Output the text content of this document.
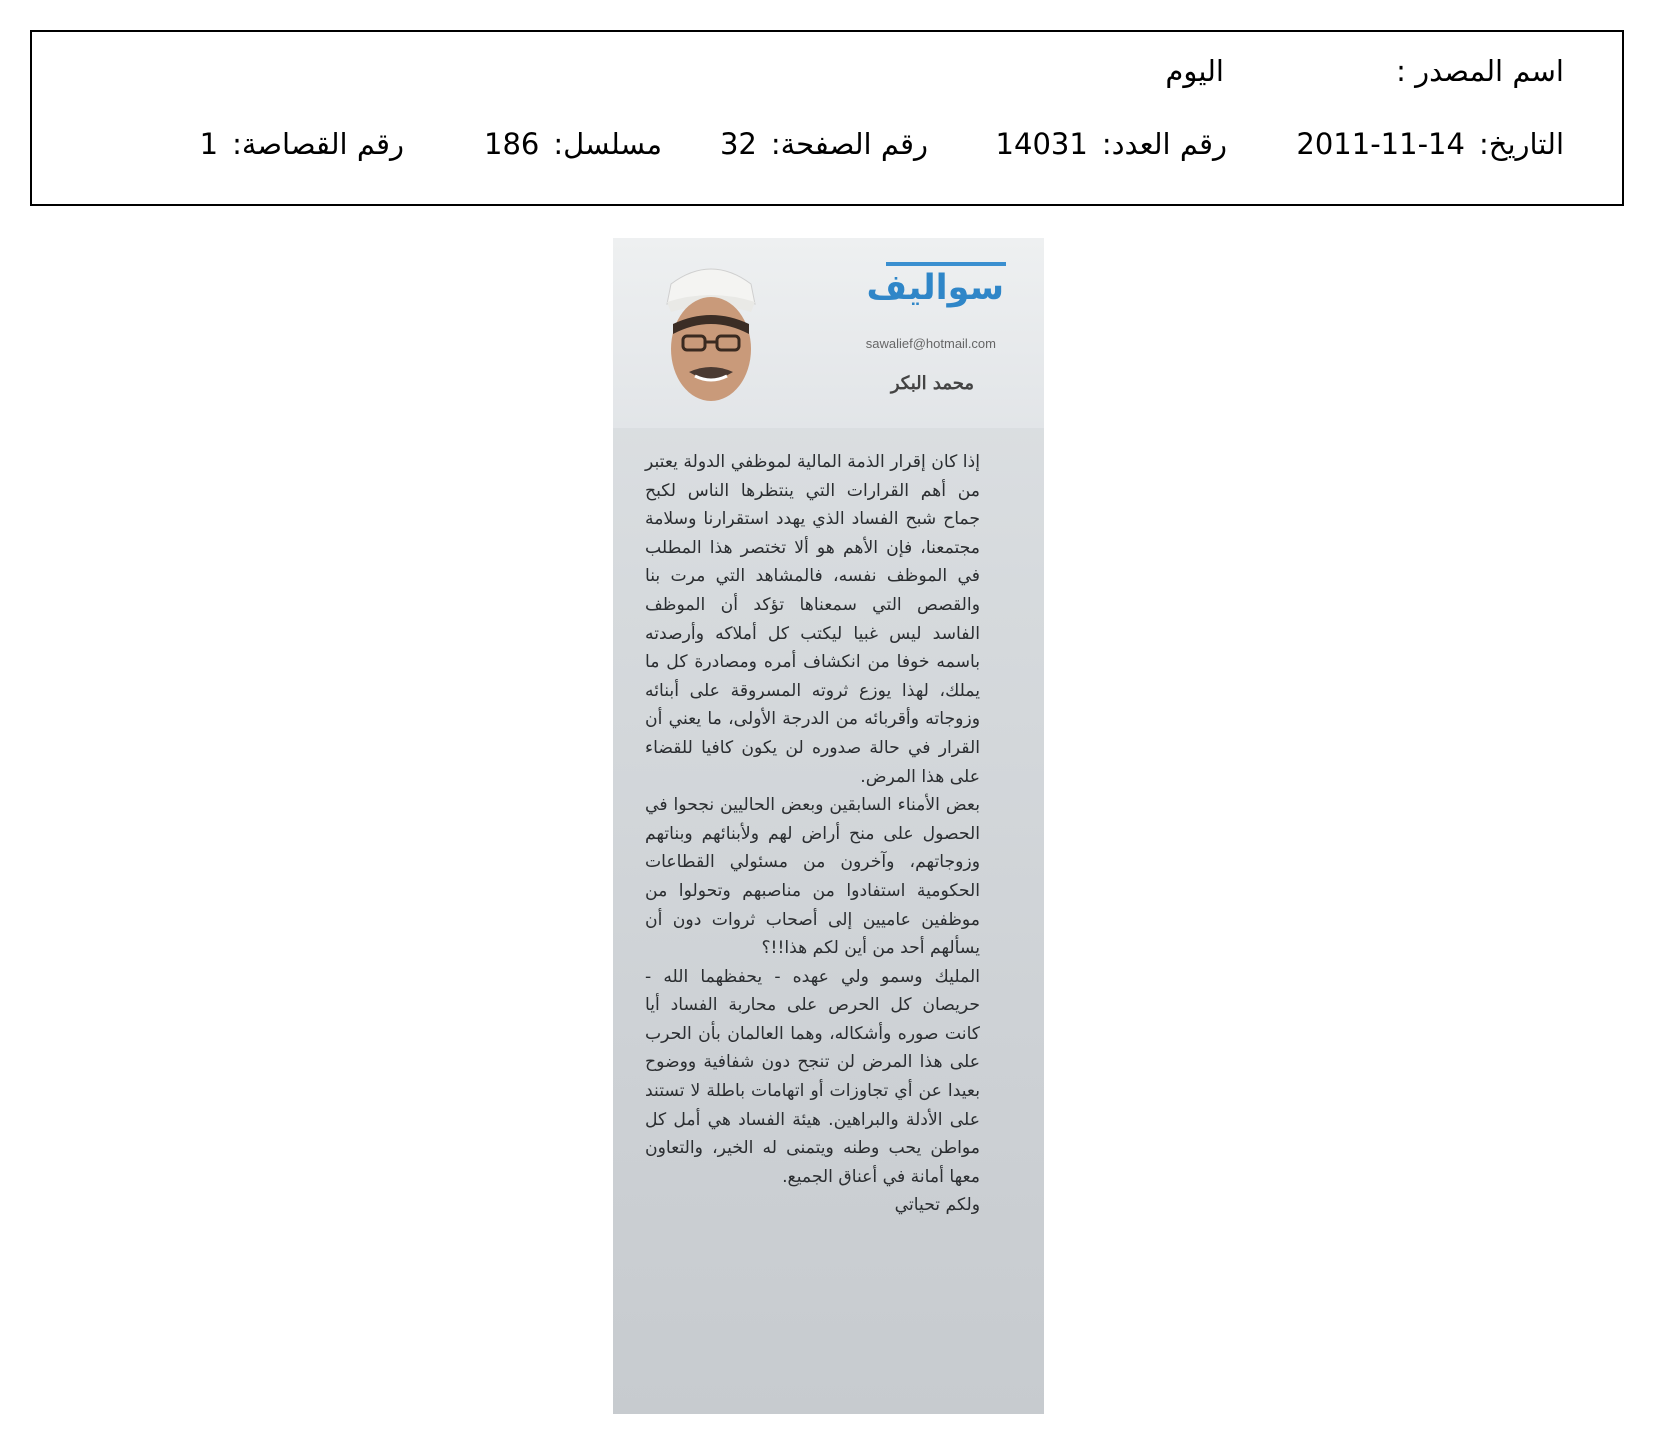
اسم المصدر :
اليوم
التاريخ:2011-11-14
رقم العدد:14031
رقم الصفحة:32
مسلسل:186
رقم القصاصة:1
سواليف
sawalief@hotmail.com
محمد البكر

إذا كان إقرار الذمة المالية لموظفي الدولة يعتبر من أهم القرارات التي ينتظرها الناس لكبح جماح شبح الفساد الذي يهدد استقرارنا وسلامة مجتمعنا، فإن الأهم هو ألا تختصر هذا المطلب في الموظف نفسه، فالمشاهد التي مرت بنا والقصص التي سمعناها تؤكد أن الموظف الفاسد ليس غبيا ليكتب كل أملاكه وأرصدته باسمه خوفا من انكشاف أمره ومصادرة كل ما يملك، لهذا يوزع ثروته المسروقة على أبنائه وزوجاته وأقربائه من الدرجة الأولى، ما يعني أن القرار في حالة صدوره لن يكون كافيا للقضاء على هذا المرض.

بعض الأمناء السابقين وبعض الحاليين نجحوا في الحصول على منح أراض لهم ولأبنائهم وبناتهم وزوجاتهم، وآخرون من مسئولي القطاعات الحكومية استفادوا من مناصبهم وتحولوا من موظفين عاميين إلى أصحاب ثروات دون أن يسألهم أحد من أين لكم هذا!!؟

المليك وسمو ولي عهده - يحفظهما الله - حريصان كل الحرص على محاربة الفساد أيا كانت صوره وأشكاله، وهما العالمان بأن الحرب على هذا المرض لن تنجح دون شفافية ووضوح بعيدا عن أي تجاوزات أو اتهامات باطلة لا تستند على الأدلة والبراهين. هيئة الفساد هي أمل كل مواطن يحب وطنه ويتمنى له الخير، والتعاون معها أمانة في أعناق الجميع.

ولكم تحياتي
